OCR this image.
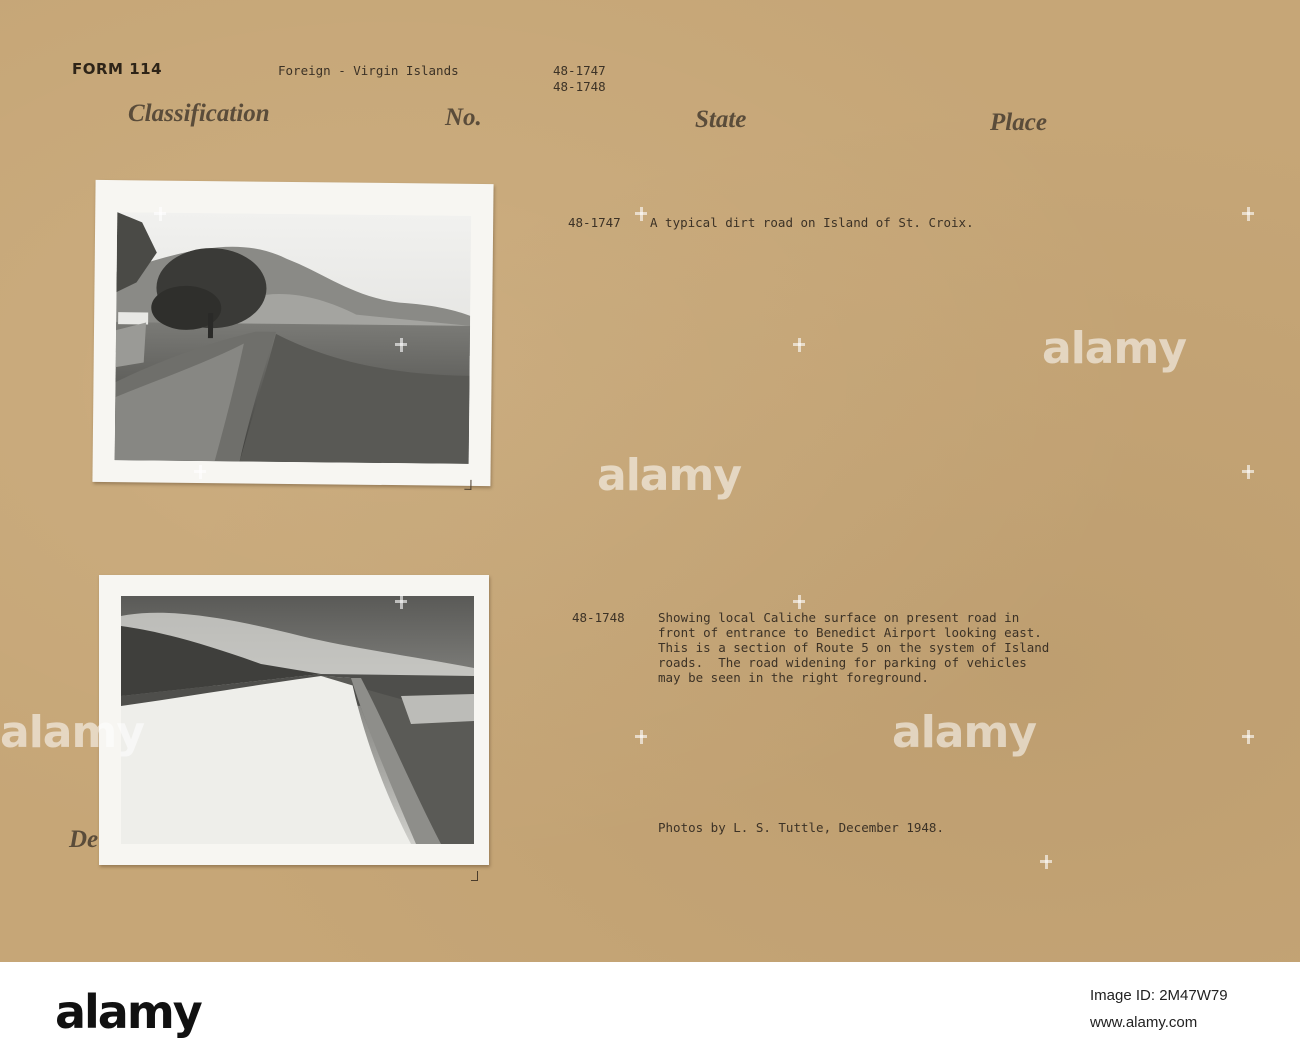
FORM 114	Foreign - Virgin Islands	48-1747
48-1748
Classification	No.	State	Place
De
48-1747 A typical dirt road on Island of St. Croix.
48-1748	Showing local Caliche surface on present road in
front of entrance to Benedict Airport looking east.
This is a section of Route 5 on the system of Island
roads.  The road widening for parking of vehicles
may be seen in the right foreground.
Photos by L. S. Tuttle, December 1948.
alamy
alamy
alamy
alamy
alamy	Image ID: 2M47W79
www.alamy.com
